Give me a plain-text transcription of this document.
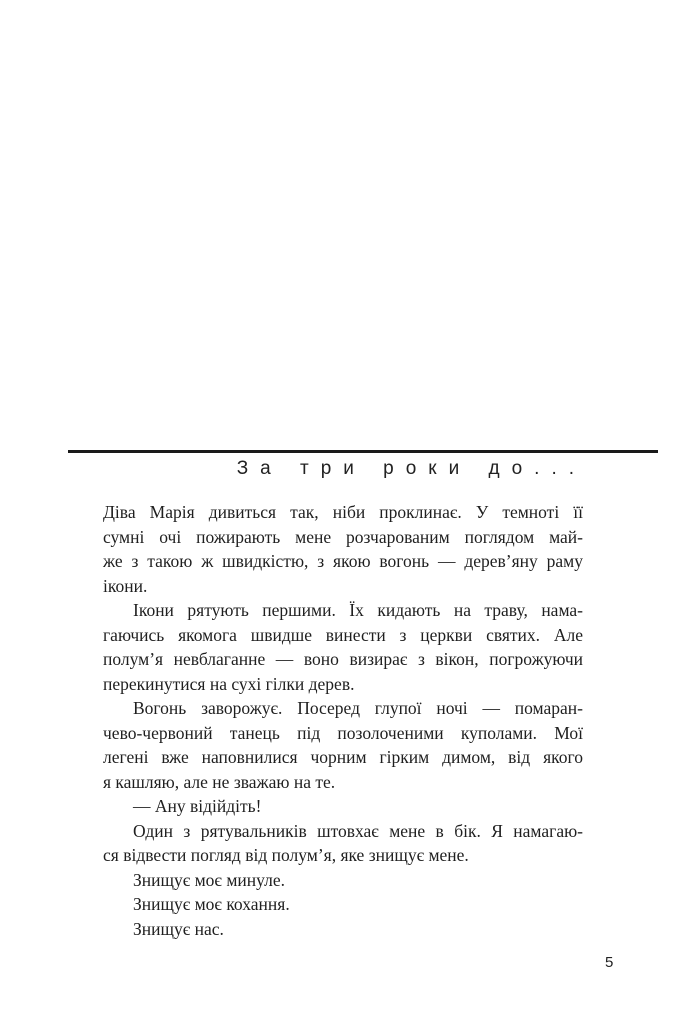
За три роки до...

Діва Марія дивиться так, ніби проклинає. У темноті її
сумні очі пожирають мене розчарованим поглядом май-
же з такою ж швидкістю, з якою вогонь — дерев’яну раму
ікони.

Ікони рятують першими. Їх кидають на траву, нама-
гаючись якомога швидше винести з церкви святих. Але
полум’я невблаганне — воно визирає з вікон, погрожуючи
перекинутися на сухі гілки дерев.

Вогонь заворожує. Посеред глупої ночі — помаран-
чево-червоний танець під позолоченими куполами. Мої
легені вже наповнилися чорним гірким димом, від якого
я кашляю, але не зважаю на те.

— Ану відійдіть!

Один з рятувальників штовхає мене в бік. Я намагаю-
ся відвести погляд від полум’я, яке знищує мене.

Знищує моє минуле.

Знищує моє кохання.

Знищує нас.

5
